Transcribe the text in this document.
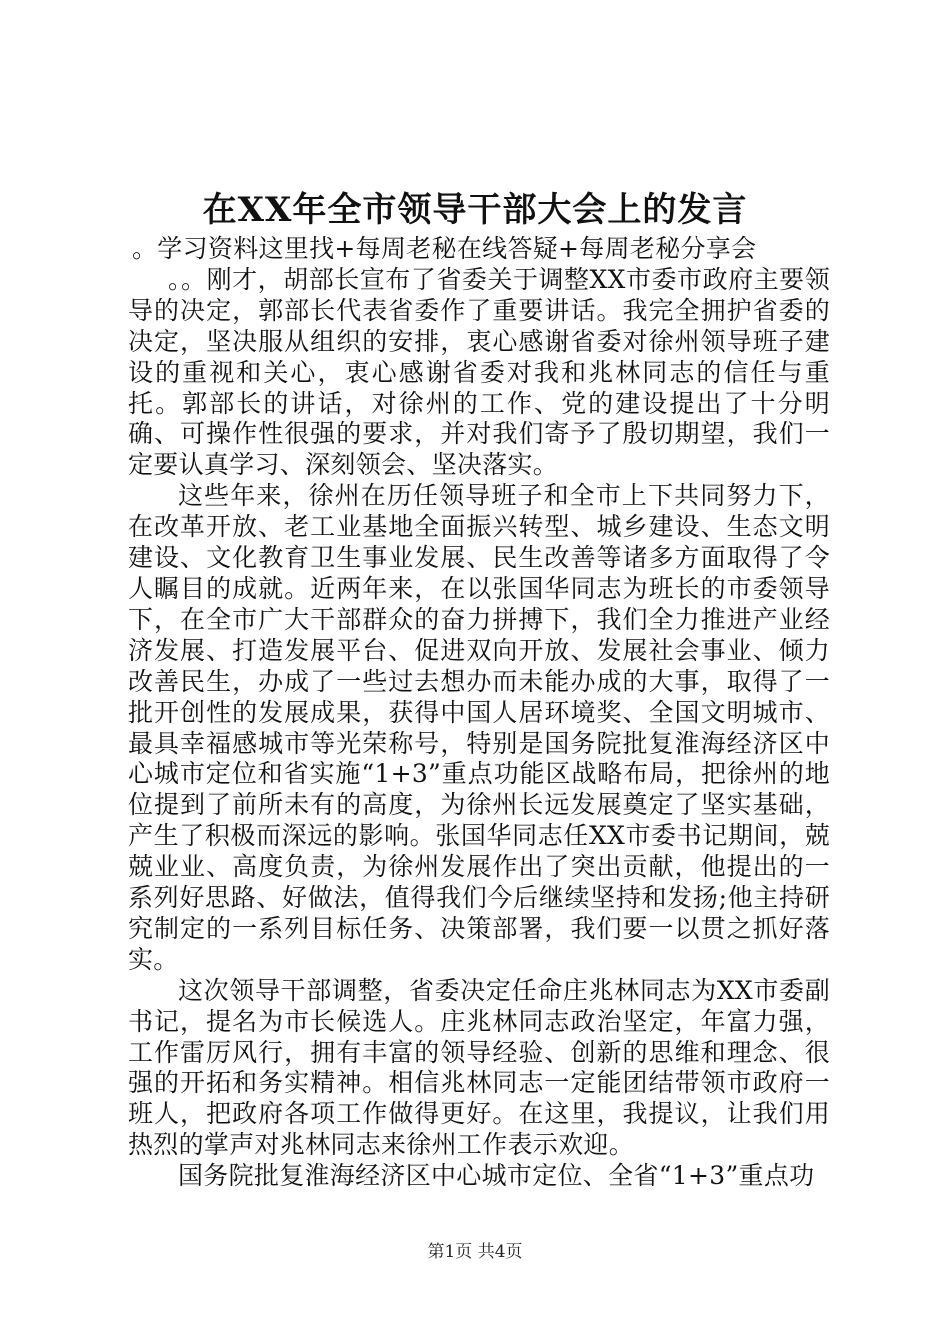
在XX年全市领导干部大会上的发言

。学习资料这里找+每周老秘在线答疑+每周老秘分享会

。。刚才，胡部长宣布了省委关于调整XX市委市政府主要领导的决定，郭部长代表省委作了重要讲话。我完全拥护省委的决定，坚决服从组织的安排，衷心感谢省委对徐州领导班子建设的重视和关心，衷心感谢省委对我和兆林同志的信任与重托。郭部长的讲话，对徐州的工作、党的建设提出了十分明确、可操作性很强的要求，并对我们寄予了殷切期望，我们一定要认真学习、深刻领会、坚决落实。

这些年来，徐州在历任领导班子和全市上下共同努力下，在改革开放、老工业基地全面振兴转型、城乡建设、生态文明建设、文化教育卫生事业发展、民生改善等诸多方面取得了令人瞩目的成就。近两年来，在以张国华同志为班长的市委领导下，在全市广大干部群众的奋力拼搏下，我们全力推进产业经济发展、打造发展平台、促进双向开放、发展社会事业、倾力改善民生，办成了一些过去想办而未能办成的大事，取得了一批开创性的发展成果，获得中国人居环境奖、全国文明城市、最具幸福感城市等光荣称号，特别是国务院批复淮海经济区中心城市定位和省实施“1+3”重点功能区战略布局，把徐州的地位提到了前所未有的高度，为徐州长远发展奠定了坚实基础，产生了积极而深远的影响。张国华同志任XX市委书记期间，兢兢业业、高度负责，为徐州发展作出了突出贡献，他提出的一系列好思路、好做法，值得我们今后继续坚持和发扬;他主持研究制定的一系列目标任务、决策部署，我们要一以贯之抓好落实。

这次领导干部调整，省委决定任命庄兆林同志为XX市委副书记，提名为市长候选人。庄兆林同志政治坚定，年富力强，工作雷厉风行，拥有丰富的领导经验、创新的思维和理念、很强的开拓和务实精神。相信兆林同志一定能团结带领市政府一班人，把政府各项工作做得更好。在这里，我提议，让我们用热烈的掌声对兆林同志来徐州工作表示欢迎。

国务院批复淮海经济区中心城市定位、全省“1+3”重点功

第1页 共4页
